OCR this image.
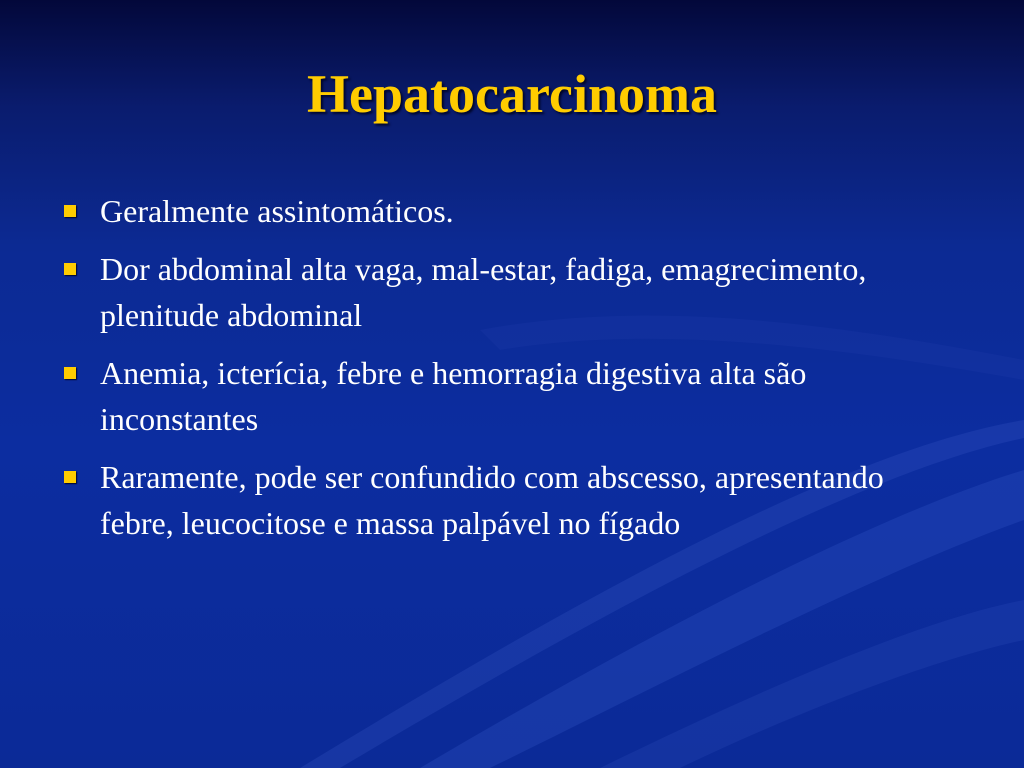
Hepatocarcinoma
Geralmente assintomáticos.
Dor abdominal alta vaga, mal-estar, fadiga, emagrecimento, plenitude abdominal
Anemia, icterícia, febre e hemorragia digestiva alta são inconstantes
Raramente, pode ser confundido com abscesso, apresentando febre, leucocitose e massa palpável no fígado
